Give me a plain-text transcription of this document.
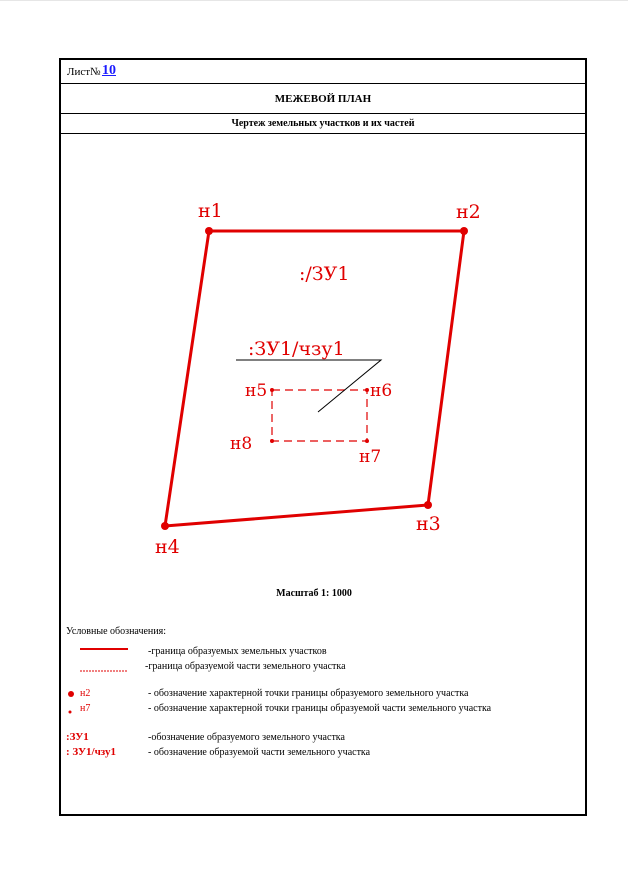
Лист№ 10
МЕЖЕВОЙ ПЛАН
Чертеж земельных участков и их частей
н1	н2
н3
н4
н5	н6
н7
н8
:/ЗУ1
:ЗУ1/чзу1
Масштаб 1: 1000
Условные обозначения:
-граница образуемых земельных участков
-граница образуемой части земельного участка
н2	- обозначение характерной точки границы образуемого земельного участка
н7	- обозначение характерной точки границы образуемой части земельного участка
:ЗУ1	-обозначение образуемого земельного участка
: ЗУ1/чзу1	- обозначение образуемой части земельного участка
